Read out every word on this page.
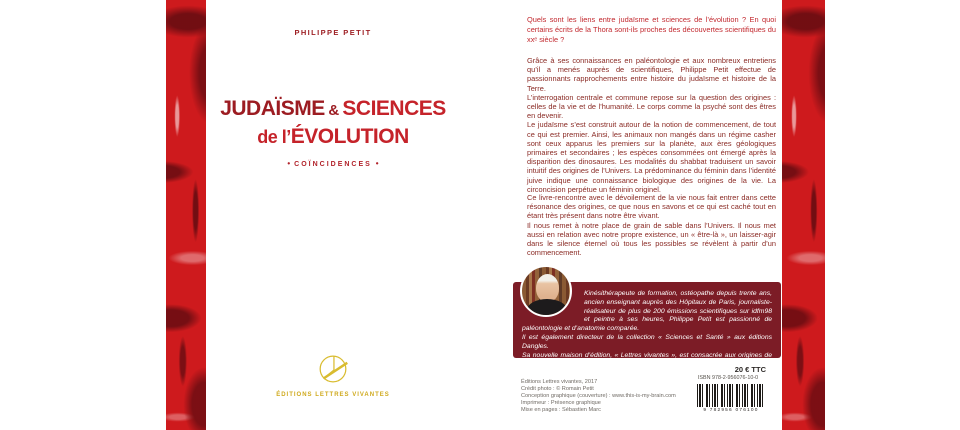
PHILIPPE PETIT
JUDAÏSME & SCIENCES
de l’ÉVOLUTION
• COÏNCIDENCES •
ÉDITIONS LETTRES VIVANTES
Quels sont les liens entre judaïsme et sciences de l’évolution ? En quoi certains écrits de la Thora sont-ils proches des découvertes scientifiques du xxᵉ siècle ?
Grâce à ses connaissances en paléontologie et aux nombreux entretiens qu’il a menés auprès de scientifiques, Philippe Petit effectue de passionnants rapprochements entre histoire du judaïsme et histoire de la Terre.
L’interrogation centrale et commune repose sur la question des origines : celles de la vie et de l’humanité. Le corps comme la psyché sont des êtres en devenir.
Le judaïsme s’est construit autour de la notion de commencement, de tout ce qui est premier. Ainsi, les animaux non mangés dans un régime casher sont ceux apparus les premiers sur la planète, aux ères géologiques primaires et secondaires ; les espèces consommées ont émergé après la disparition des dinosaures. Les modalités du shabbat traduisent un savoir intuitif des origines de l’Univers. La prédominance du féminin dans l’identité juive indique une connaissance biologique des origines de la vie. La circoncision perpétue un féminin originel.
Ce livre-rencontre avec le dévoilement de la vie nous fait entrer dans cette résonance des origines, ce que nous en savons et ce qui est caché tout en étant très présent dans notre être vivant.
Il nous remet à notre place de grain de sable dans l’Univers. Il nous met aussi en relation avec notre propre existence, un « être-là », un laisser-agir dans le silence éternel où tous les possibles se révèlent à partir d’un commencement.
Kinésithérapeute de formation, ostéopathe depuis trente ans, ancien enseignant auprès des Hôpitaux de Paris, journaliste-réalisateur de plus de 200 émissions scientifiques sur idfm98 et peintre à ses heures, Philippe Petit est passionné de paléontologie et d’anatomie comparée.
Il est également directeur de la collection « Sciences et Santé » aux éditions Dangles.
Sa nouvelle maison d’édition, « Lettres vivantes », est consacrée aux origines de la vie et de l’humanité.
Éditions Lettres vivantes, 2017
Crédit photo : © Romain Petit
Conception graphique (couverture) : www.this-is-my-brain.com
Imprimeur : Présence graphique
Mise en pages : Sébastien Marc
20 € TTC
ISBN 978-2-956076-10-0
9 782956 076100
